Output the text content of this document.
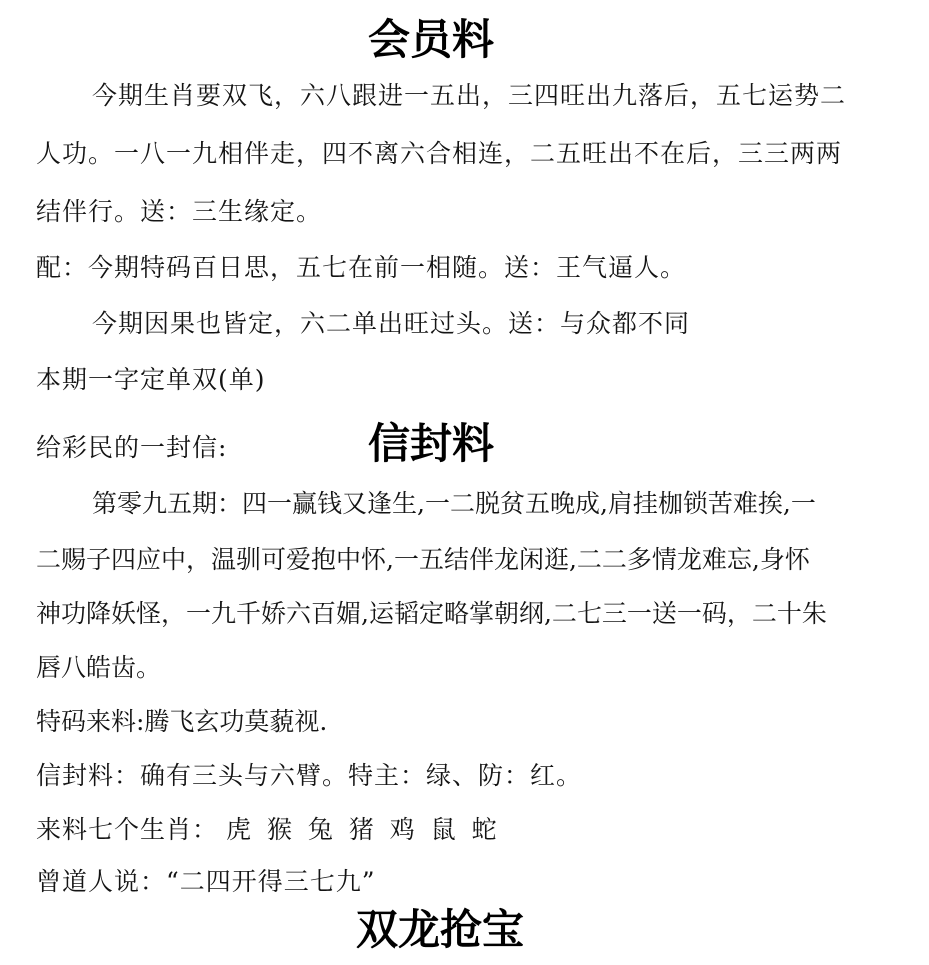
会员料
今期生肖要双飞，六八跟进一五出，三四旺出九落后，五七运势二
人功。一八一九相伴走，四不离六合相连，二五旺出不在后，三三两两
结伴行。送：三生缘定。
配：今期特码百日思，五七在前一相随。送：王气逼人。
今期因果也皆定，六二单出旺过头。送：与众都不同
本期一字定单双(单)
给彩民的一封信:	信封料
第零九五期：四一赢钱又逢生,一二脱贫五晚成,肩挂枷锁苦难挨,一
二赐子四应中，温驯可爱抱中怀,一五结伴龙闲逛,二二多情龙难忘,身怀
神功降妖怪，一九千娇六百媚,运韬定略掌朝纲,二七三一送一码，二十朱
唇八皓齿。
特码来料:腾飞玄功莫藐视.
信封料：确有三头与六臂。特主：绿、防：红。
来料七个生肖： 虎 猴 兔 猪 鸡 鼠 蛇
曾道人说：“二四开得三七九”
双龙抢宝
